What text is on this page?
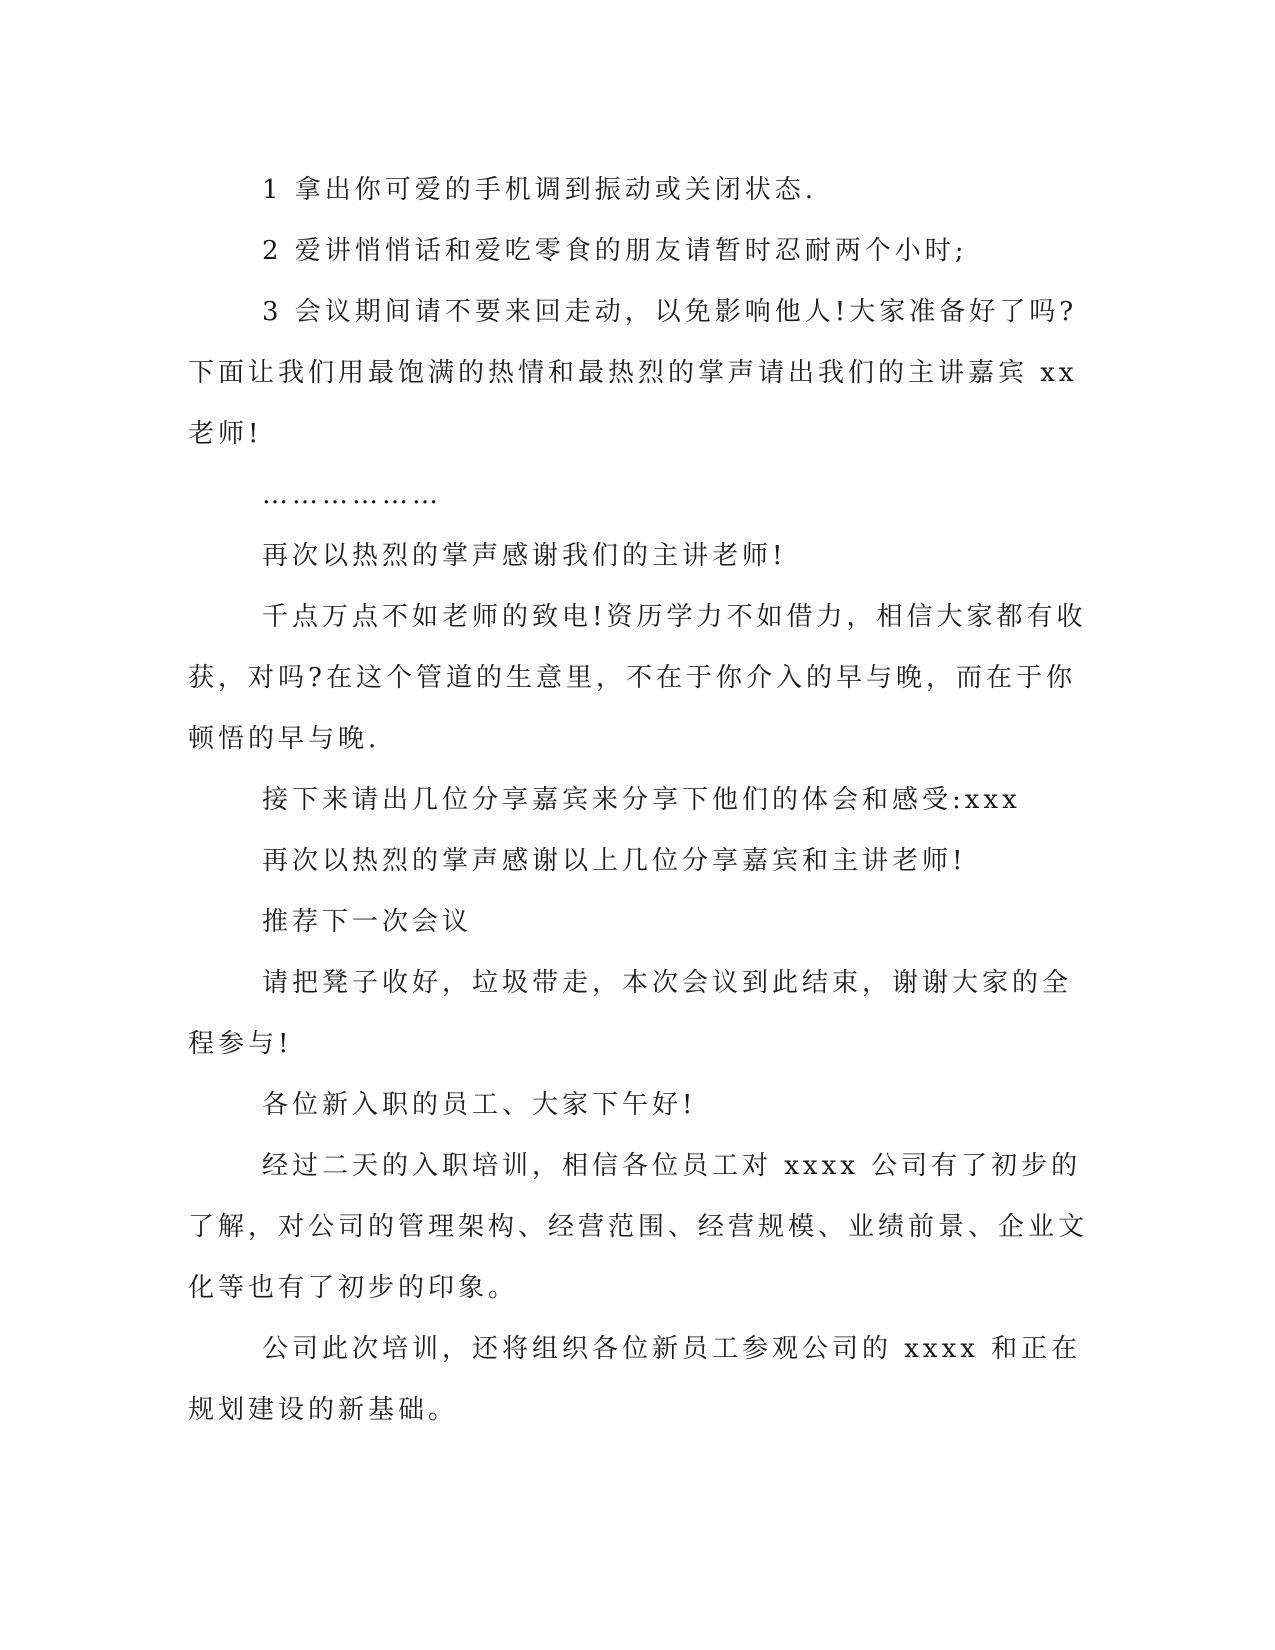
1 拿出你可爱的手机调到振动或关闭状态.

2 爱讲悄悄话和爱吃零食的朋友请暂时忍耐两个小时;

3 会议期间请不要来回走动，以免影响他人!大家准备好了吗?下面让我们用最饱满的热情和最热烈的掌声请出我们的主讲嘉宾 xx 老师!

………………

再次以热烈的掌声感谢我们的主讲老师!

千点万点不如老师的致电!资历学力不如借力，相信大家都有收获，对吗?在这个管道的生意里，不在于你介入的早与晚，而在于你顿悟的早与晚.

接下来请出几位分享嘉宾来分享下他们的体会和感受:xxx

再次以热烈的掌声感谢以上几位分享嘉宾和主讲老师!

推荐下一次会议

请把凳子收好，垃圾带走，本次会议到此结束，谢谢大家的全程参与!

各位新入职的员工、大家下午好!

经过二天的入职培训，相信各位员工对 xxxx 公司有了初步的了解，对公司的管理架构、经营范围、经营规模、业绩前景、企业文化等也有了初步的印象。

公司此次培训，还将组织各位新员工参观公司的 xxxx 和正在规划建设的新基础。
